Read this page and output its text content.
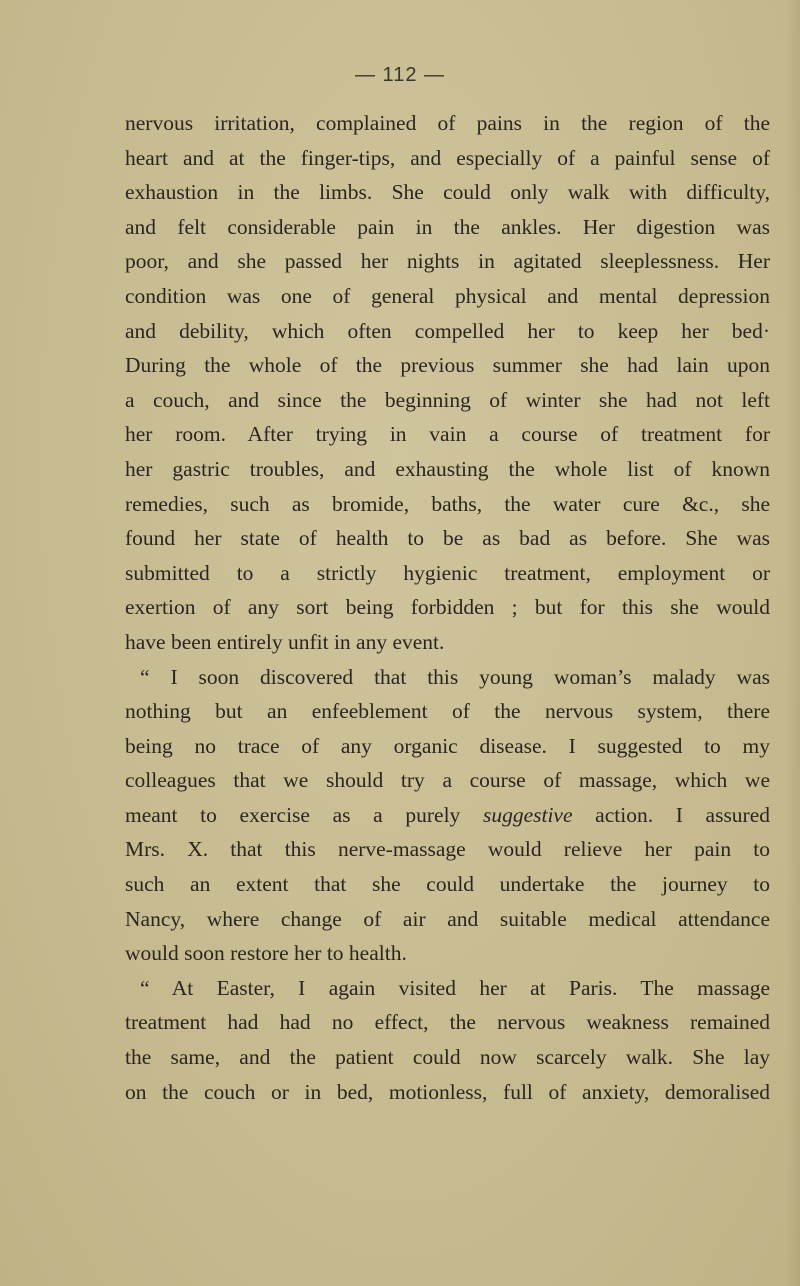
— 112 —
nervous irritation, complained of pains in the region of the
heart and at the finger-tips, and especially of a painful sense of
exhaustion in the limbs. She could only walk with difficulty,
and felt considerable pain in the ankles. Her digestion was
poor, and she passed her nights in agitated sleeplessness. Her
condition was one of general physical and mental depression
and debility, which often compelled her to keep her bed·
During the whole of the previous summer she had lain upon
a couch, and since the beginning of winter she had not left
her room. After trying in vain a course of treatment for
her gastric troubles, and exhausting the whole list of known
remedies, such as bromide, baths, the water cure &c., she
found her state of health to be as bad as before. She was
submitted to a strictly hygienic treatment, employment or
exertion of any sort being forbidden ; but for this she would
have been entirely unfit in any event.
“ I soon discovered that this young woman’s malady was
nothing but an enfeeblement of the nervous system, there
being no trace of any organic disease. I suggested to my
colleagues that we should try a course of massage, which we
meant to exercise as a purely suggestive action. I assured
Mrs. X. that this nerve-massage would relieve her pain to
such an extent that she could undertake the journey to
Nancy, where change of air and suitable medical attendance
would soon restore her to health.
“ At Easter, I again visited her at Paris. The massage
treatment had had no effect, the nervous weakness remained
the same, and the patient could now scarcely walk. She lay
on the couch or in bed, motionless, full of anxiety, demoralised
